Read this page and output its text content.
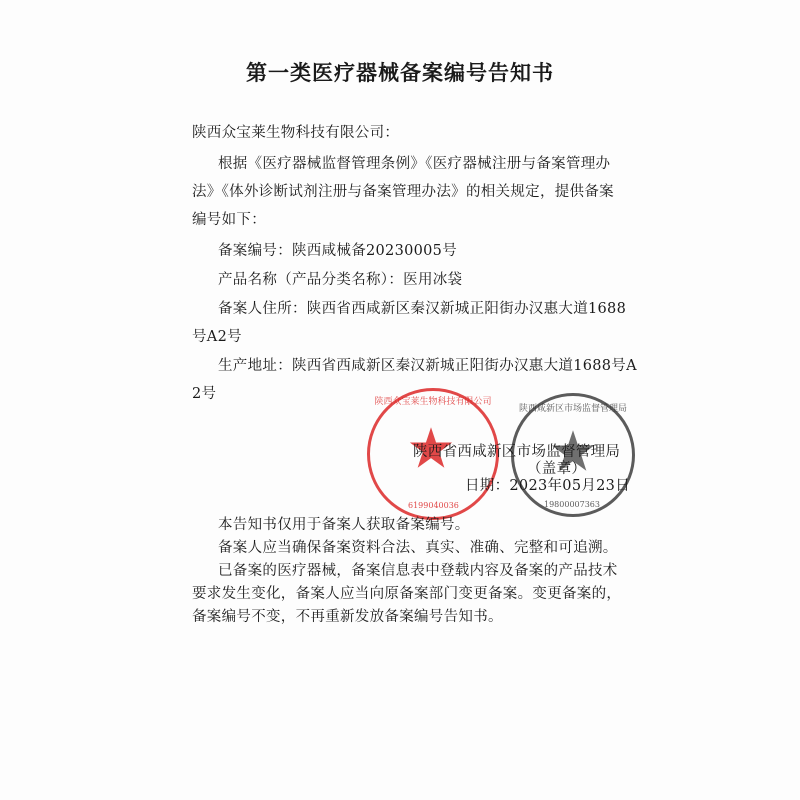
第一类医疗器械备案编号告知书
陕西众宝莱生物科技有限公司：
根据《医疗器械监督管理条例》《医疗器械注册与备案管理办
法》《体外诊断试剂注册与备案管理办法》的相关规定，提供备案
编号如下：
备案编号：陕西咸械备20230005号
产品名称（产品分类名称）：医用冰袋
备案人住所：陕西省西咸新区秦汉新城正阳街办汉惠大道1688
号A2号
生产地址：陕西省西咸新区秦汉新城正阳街办汉惠大道1688号A
2号	陕西众宝莱生物科技有限公司
6199040036
陕西咸新区市场监督管理局
19800007363
陕西省西咸新区市场监督管理局
（盖章）
日期：2023年05月23日
本告知书仅用于备案人获取备案编号。
备案人应当确保备案资料合法、真实、准确、完整和可追溯。
已备案的医疗器械，备案信息表中登载内容及备案的产品技术
要求发生变化，备案人应当向原备案部门变更备案。变更备案的，
备案编号不变，不再重新发放备案编号告知书。
